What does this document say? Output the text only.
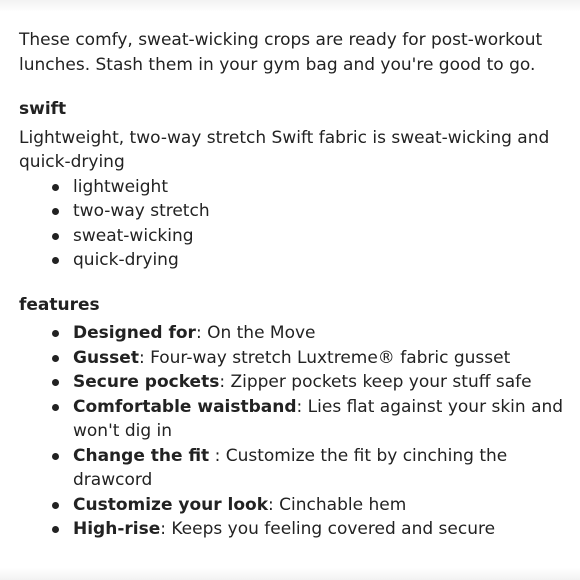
These comfy, sweat-wicking crops are ready for post-workout lunches. Stash them in your gym bag and you're good to go.

swift

Lightweight, two-way stretch Swift fabric is sweat-wicking and quick-drying

lightweight
two-way stretch
sweat-wicking
quick-drying
features
Designed for: On the Move
Gusset: Four-way stretch Luxtreme® fabric gusset
Secure pockets: Zipper pockets keep your stuff safe
Comfortable waistband: Lies flat against your skin and won't dig in
Change the fit : Customize the fit by cinching the drawcord
Customize your look: Cinchable hem
High-rise: Keeps you feeling covered and secure
